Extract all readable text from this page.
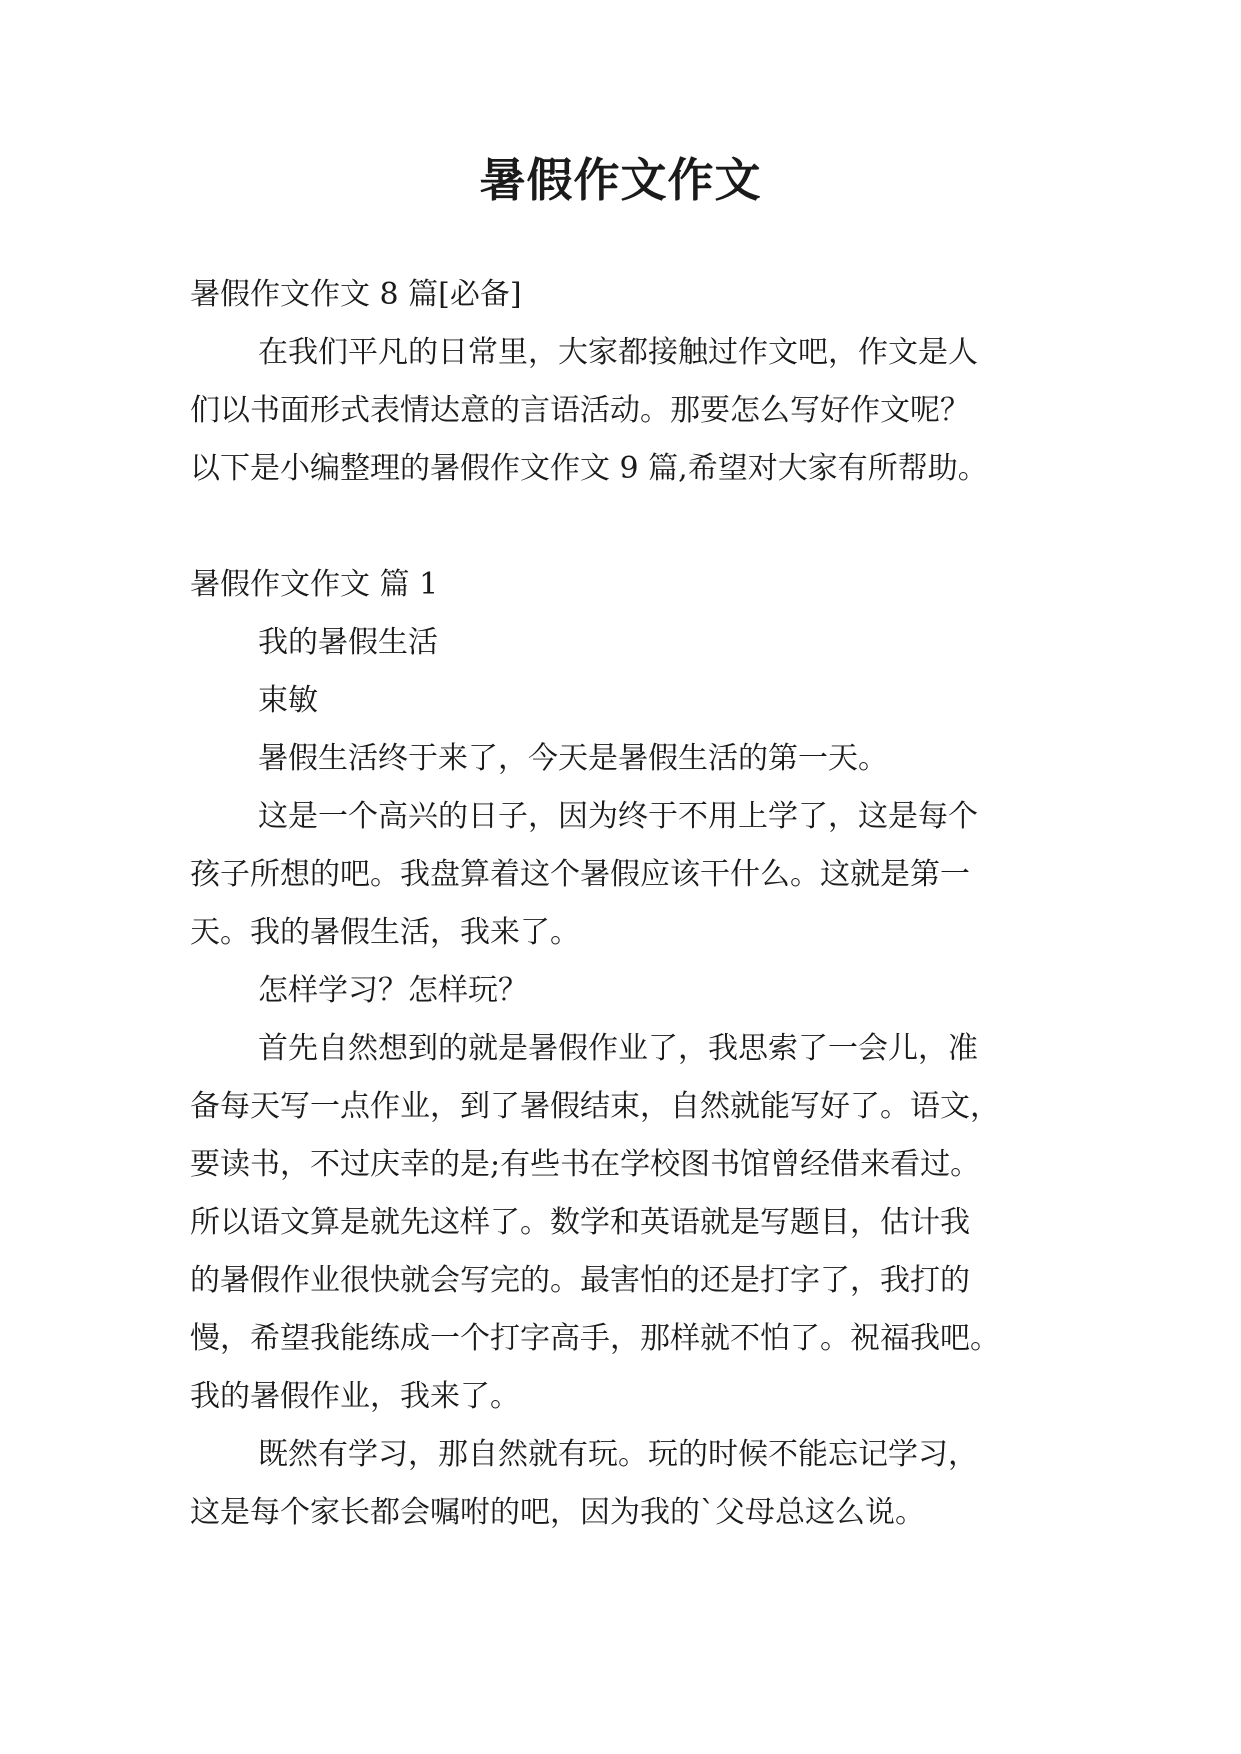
暑假作文作文

暑假作文作文 8 篇[必备]

在我们平凡的日常里，大家都接触过作文吧，作文是人

们以书面形式表情达意的言语活动。那要怎么写好作文呢？

以下是小编整理的暑假作文作文 9 篇,希望对大家有所帮助。

暑假作文作文 篇 1

我的暑假生活

束敏

暑假生活终于来了，今天是暑假生活的第一天。

这是一个高兴的日子，因为终于不用上学了，这是每个

孩子所想的吧。我盘算着这个暑假应该干什么。这就是第一

天。我的暑假生活，我来了。

怎样学习？怎样玩？

首先自然想到的就是暑假作业了，我思索了一会儿，准

备每天写一点作业，到了暑假结束，自然就能写好了。语文，

要读书，不过庆幸的是;有些书在学校图书馆曾经借来看过。

所以语文算是就先这样了。数学和英语就是写题目，估计我

的暑假作业很快就会写完的。最害怕的还是打字了，我打的

慢，希望我能练成一个打字高手，那样就不怕了。祝福我吧。

我的暑假作业，我来了。

既然有学习，那自然就有玩。玩的时候不能忘记学习，

这是每个家长都会嘱咐的吧，因为我的`父母总这么说。
